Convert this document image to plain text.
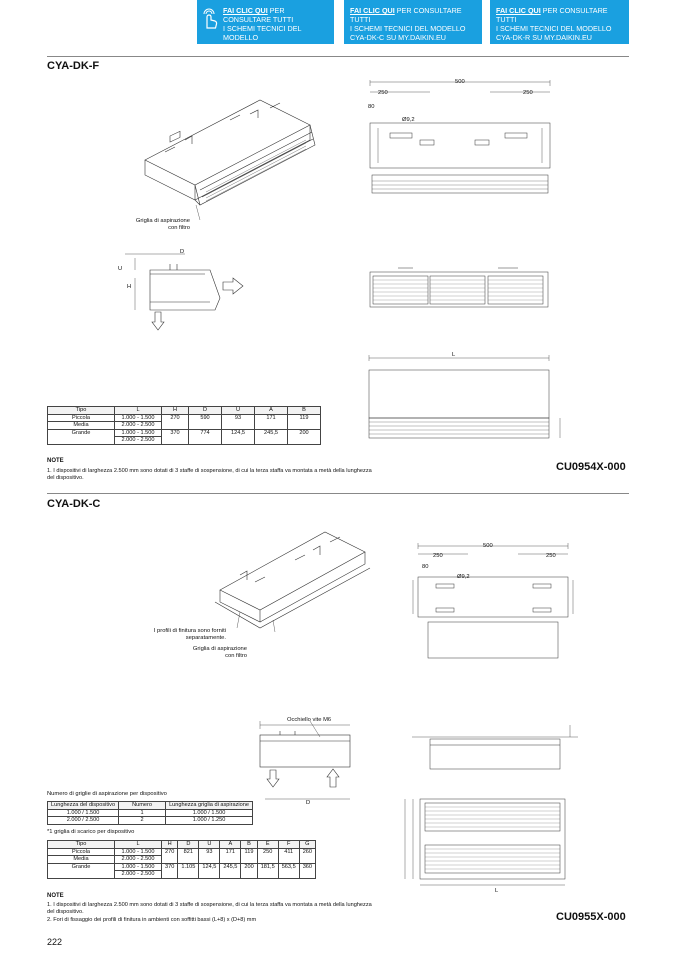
FAI CLIC QUI PER CONSULTARE TUTTI
I SCHEMI TECNICI DEL MODELLO
CYA-DK-F SU MY.DAIKIN.EU
FAI CLIC QUI PER CONSULTARE TUTTI
I SCHEMI TECNICI DEL MODELLO
CYA-DK-C SU MY.DAIKIN.EU
FAI CLIC QUI PER CONSULTARE TUTTI
I SCHEMI TECNICI DEL MODELLO
CYA-DK-R SU MY.DAIKIN.EU
CYA-DK-F
Griglia di aspirazione
con filtro
D
U
H
500
250	250
80
Ø9,2
L
Tipo	L	H	D	U	A	B
Piccola	1.000 - 1.500	270	590	93	171	119
Media	2.000 - 2.500					
Grande	1.000 - 1.500	370	774	124,5	245,5	200
	2.000 - 2.500					
NOTE
1. I dispositivi di larghezza 2.500 mm sono dotati di 3 staffe di sospensione, di cui la terza staffa va montata a metà della lunghezza del dispositivo.
CU0954X-000
CYA-DK-C
I profili di finitura sono forniti
separatamente.
Griglia di aspirazione
con filtro
500
250	250
80
Ø9,2
Occhiello vite M6
D
L
Numero di griglie di aspirazione per dispositivo
Lunghezza del dispositivo	Numero	Lunghezza griglia di aspirazione
1.000 / 1.500	1	1.000 / 1.500
2.000 / 2.500	2	1.000 / 1.250
*1 griglia di scarico per dispositivo
Tipo	L	H	D	U	A	B	E	F	G
Piccola	1.000 - 1.500	270	821	93	171	119	250	411	260
Media	2.000 - 2.500								
Grande	1.000 - 1.500	370	1.105	124,5	245,5	200	181,5	563,5	360
	2.000 - 2.500								
NOTE
1. I dispositivi di larghezza 2.500 mm sono dotati di 3 staffe di sospensione, di cui la terza staffa va montata a metà della lunghezza del dispositivo.
2. Fori di fissaggio dei profili di finitura in ambienti con soffitti bassi (L+8) x (D+8) mm	CU0955X-000
222
